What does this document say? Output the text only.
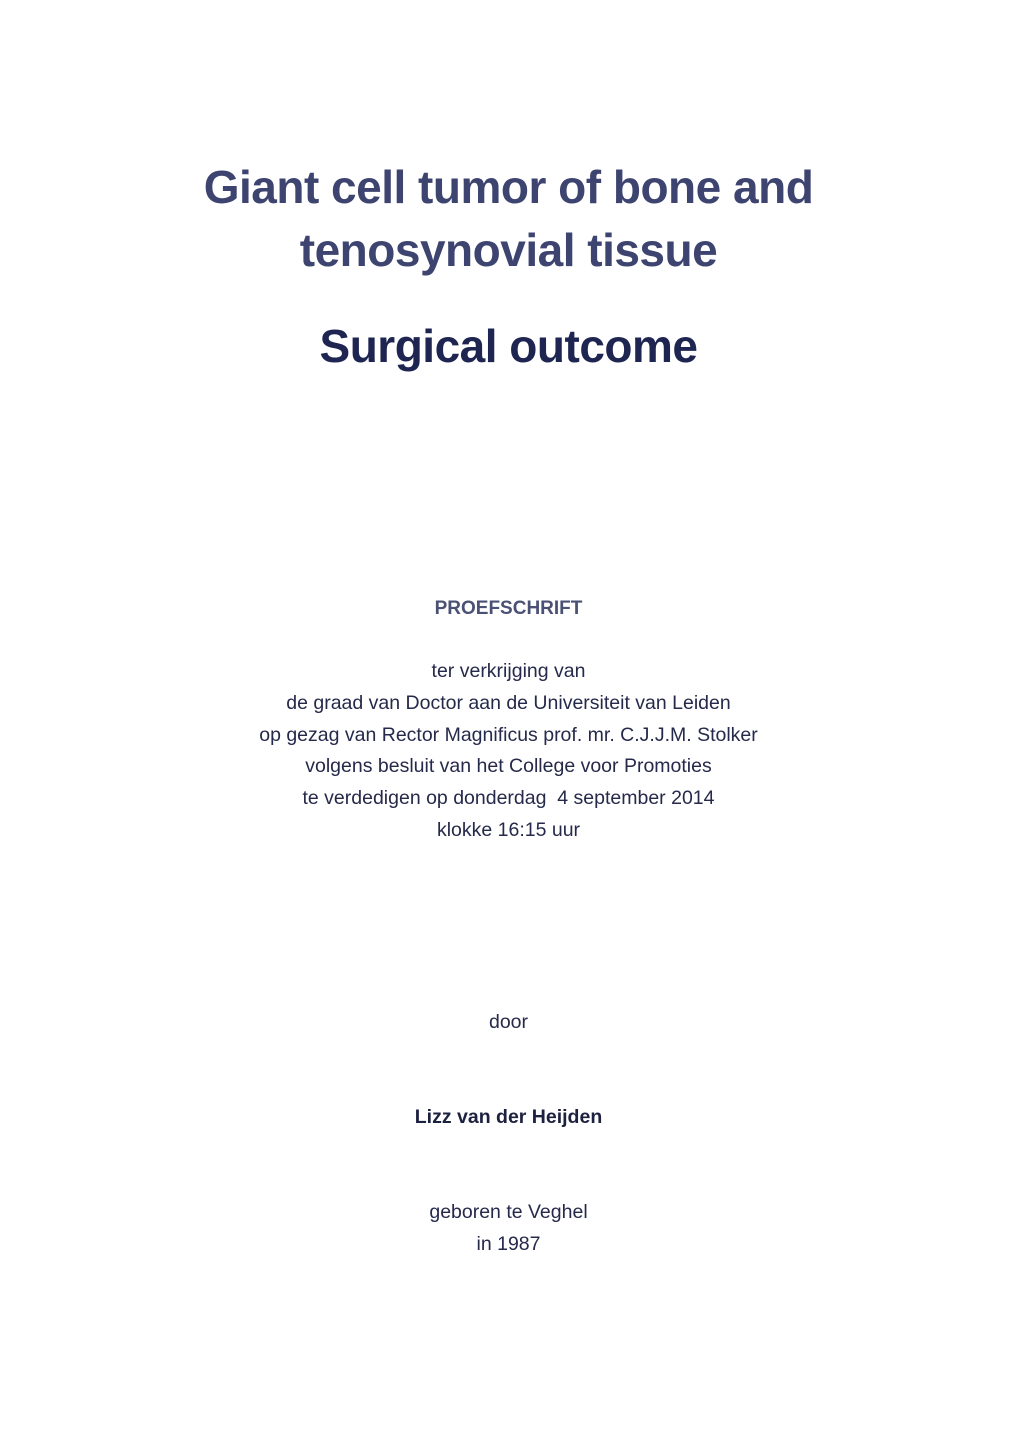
Giant cell tumor of bone and
tenosynovial tissue
Surgical outcome
PROEFSCHRIFT
ter verkrijging van
de graad van Doctor aan de Universiteit van Leiden
op gezag van Rector Magnificus prof. mr. C.J.J.M. Stolker
volgens besluit van het College voor Promoties
te verdedigen op donderdag  4 september 2014
klokke 16:15 uur
door
Lizz van der Heijden
geboren te Veghel
in 1987
